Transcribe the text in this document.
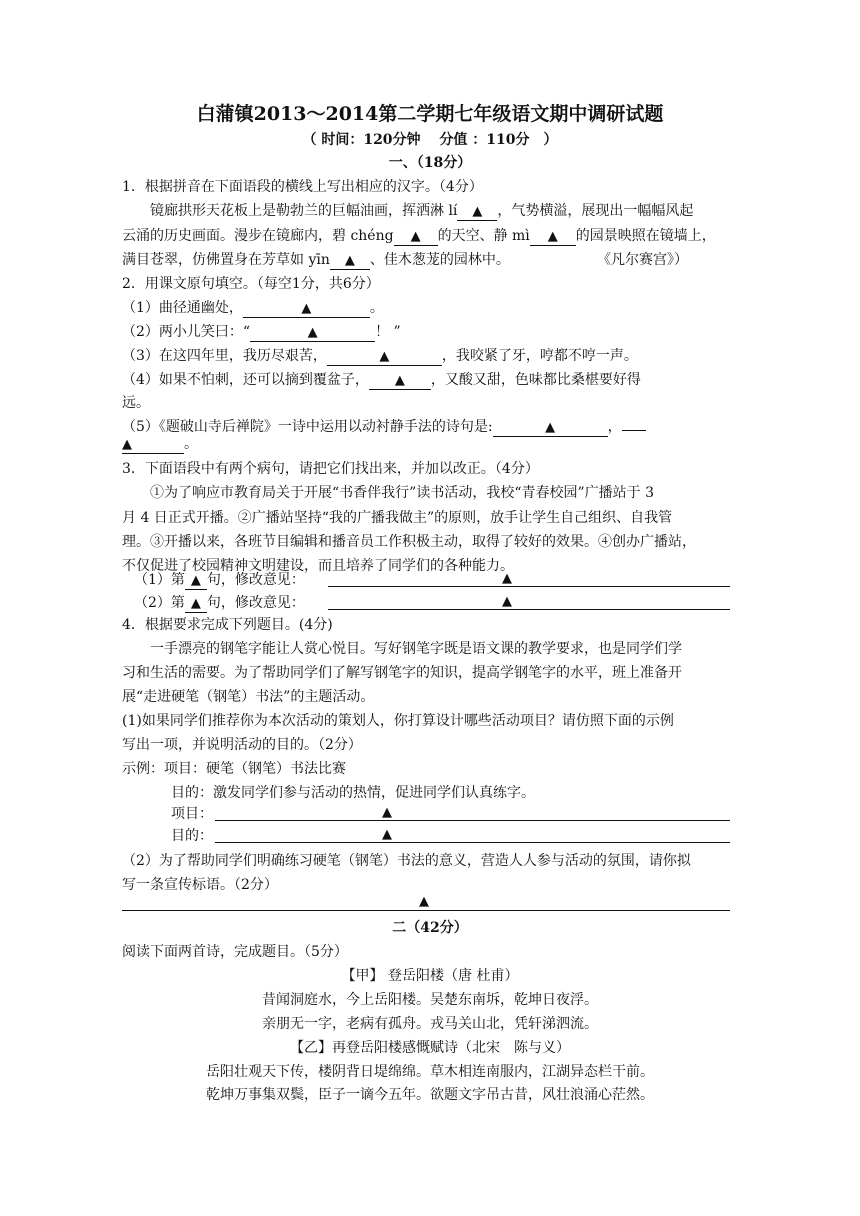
白蒲镇2013～2014第二学期七年级语文期中调研试题
（ 时间：120分钟　 分值 ：110分　）
一、（18分）
1．根据拼音在下面语段的横线上写出相应的汉字。（4分）
镜廊拱形天花板上是勒勃兰的巨幅油画，挥洒淋 lí ▲ ，气势横溢，展现出一幅幅风起
云涌的历史画面。漫步在镜廊内，碧 chéng ▲ 的天空、静 mì ▲ 的园景映照在镜墙上，
满目苍翠，仿佛置身在芳草如 yīn ▲ 、佳木葱茏的园林中。	《凡尔赛宫》）
2．用课文原句填空。（每空1分，共6分）
（1）曲径通幽处，	▲	。
（2）两小儿笑曰：“	▲	！ ”
（3）在这四年里，我历尽艰苦，	▲	，我咬紧了牙，哼都不哼一声。
（4）如果不怕刺，还可以摘到覆盆子， ▲ ，又酸又甜，色味都比桑椹要好得
远。
（5）《题破山寺后禅院》一诗中运用以动衬静手法的诗句是:	▲	，
▲	。
3．下面语段中有两个病句，请把它们找出来，并加以改正。（4分）
①为了响应市教育局关于开展“书香伴我行”读书活动，我校“青春校园”广播站于 3
月 4 日正式开播。②广播站坚持“我的广播我做主”的原则，放手让学生自己组织、自我管
理。③开播以来，各班节目编辑和播音员工作积极主动，取得了较好的效果。④创办广播站，
不仅促进了校园精神文明建设，而且培养了同学们的各种能力。
（1）第 ▲ 句，修改意见：	▲
（2）第 ▲ 句，修改意见：	▲
4．根据要求完成下列题目。(4分)
一手漂亮的钢笔字能让人赏心悦目。写好钢笔字既是语文课的教学要求，也是同学们学
习和生活的需要。为了帮助同学们了解写钢笔字的知识，提高学钢笔字的水平，班上准备开
展“走进硬笔（钢笔）书法”的主题活动。
(1)如果同学们推荐你为本次活动的策划人，你打算设计哪些活动项目？请仿照下面的示例
写出一项，并说明活动的目的。（2分）
示例：项目：硬笔（钢笔）书法比赛
目的：激发同学们参与活动的热情，促进同学们认真练字。
项目：	▲
目的：	▲
（2）为了帮助同学们明确练习硬笔（钢笔）书法的意义，营造人人参与活动的氛围，请你拟
写一条宣传标语。（2分）
▲
二（42分）
阅读下面两首诗，完成题目。（5分）
【甲】 登岳阳楼（唐 杜甫）
昔闻洞庭水，今上岳阳楼。吴楚东南坼，乾坤日夜浮。
亲朋无一字，老病有孤舟。戎马关山北，凭轩涕泗流。
【乙】再登岳阳楼感慨赋诗（北宋　陈与义）
岳阳壮观天下传，楼阴背日堤绵绵。草木相连南服内，江湖异态栏干前。
乾坤万事集双鬓，臣子一谪今五年。欲题文字吊古昔，风壮浪涌心茫然。
